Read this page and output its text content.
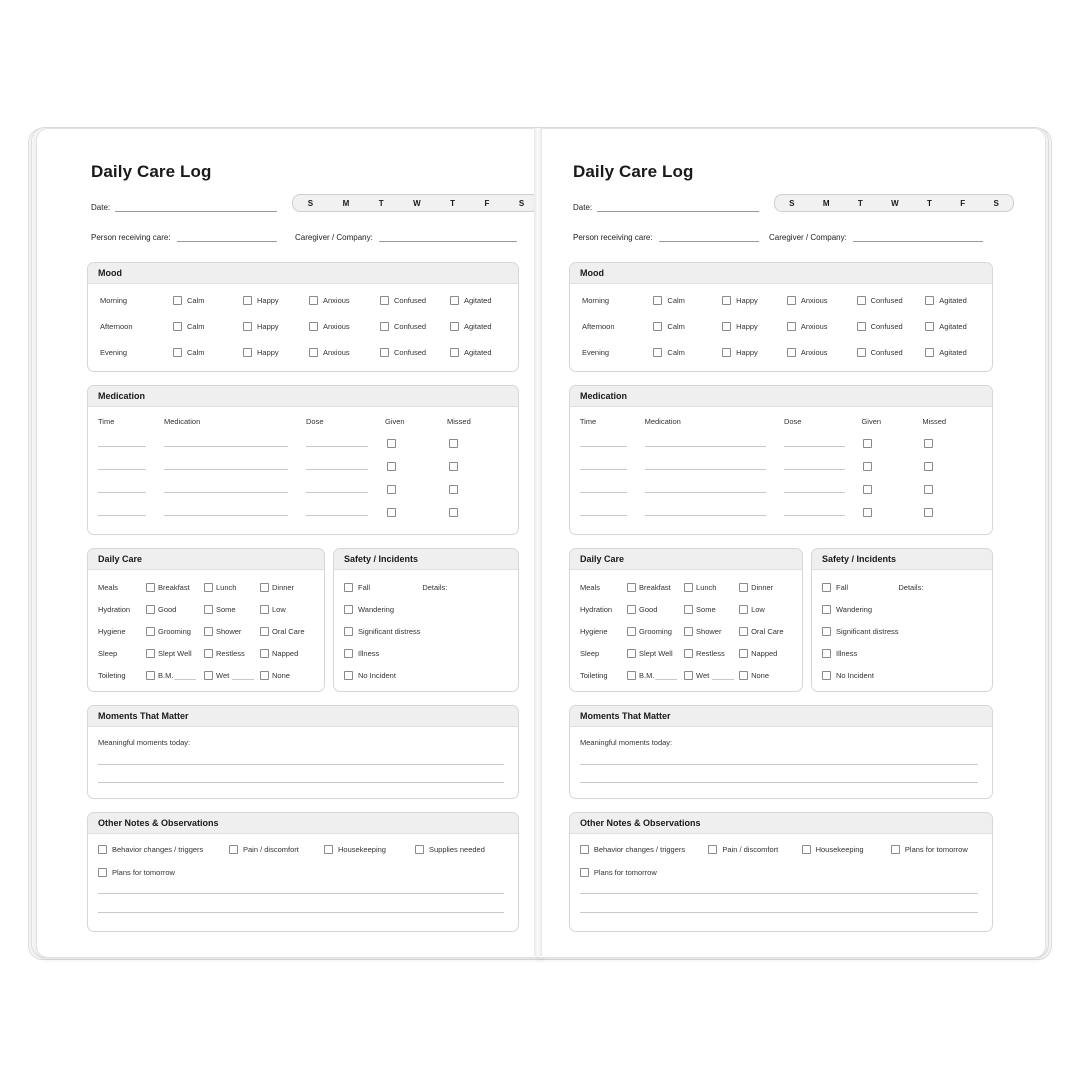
Daily Care Log
Date:	S	M	T	W	T	F	S
Person receiving care:	Caregiver / Company:
Mood
Morning	Calm	Happy	Anxious	Confused	Agitated
Afternoon	Calm	Happy	Anxious	Confused	Agitated
Evening	Calm	Happy	Anxious	Confused	Agitated
Medication
Time	Medication	Dose	Given	Missed
Daily Care
Meals	Breakfast	Lunch	Dinner
Hydration	Good	Some	Low
Hygiene	Grooming	Shower	Oral Care
Sleep	Slept Well	Restless	Napped
Toileting	B.M.	Wet	None
Safety / Incidents
Details:
Fall
Wandering
Significant distress
Illness
No Incident
Moments That Matter
Meaningful moments today:
Other Notes & Observations
Behavior changes / triggers	Pain / discomfort	Housekeeping	Supplies needed
Plans for tomorrow
Daily Care Log
Date:	S	M	T	W	T	F	S
Person receiving care:	Caregiver / Company:
Mood
Morning	Calm	Happy	Anxious	Confused	Agitated
Afternoon	Calm	Happy	Anxious	Confused	Agitated
Evening	Calm	Happy	Anxious	Confused	Agitated
Medication
Time	Medication	Dose	Given	Missed
Daily Care
Meals	Breakfast	Lunch	Dinner
Hydration	Good	Some	Low
Hygiene	Grooming	Shower	Oral Care
Sleep	Slept Well	Restless	Napped
Toileting	B.M.	Wet	None
Safety / Incidents
Details:
Fall
Wandering
Significant distress
Illness
No Incident
Moments That Matter
Meaningful moments today:
Other Notes & Observations
Behavior changes / triggers	Pain / discomfort	Housekeeping	Plans for tomorrow
Plans for tomorrow
